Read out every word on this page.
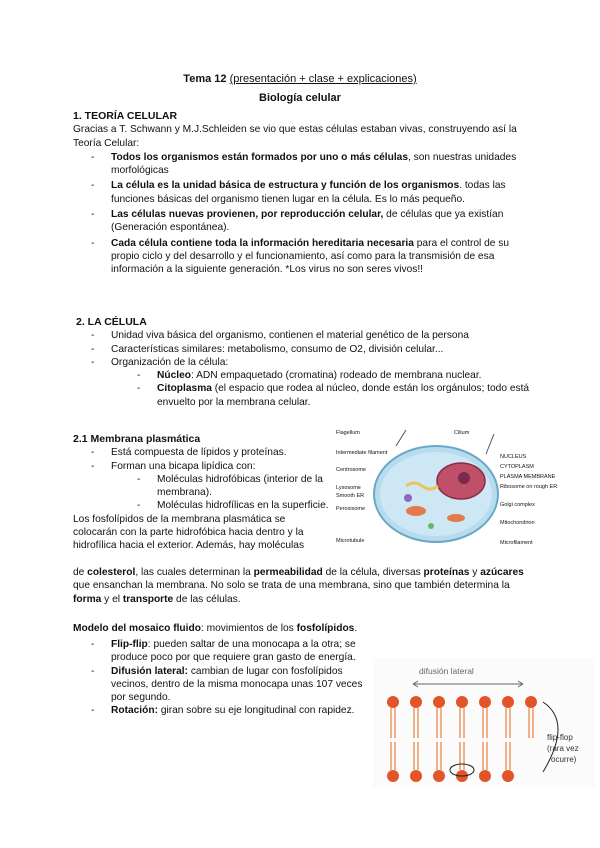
Tema 12 (presentación + clase + explicaciones)
Biología celular
1. TEORÍA CELULAR

Gracias a T. Schwann y M.J.Schleiden se vio que estas células estaban vivas, construyendo así la Teoría Celular:

- Todos los organismos están formados por uno o más células, son nuestras unidades morfológicas
- La célula es la unidad básica de estructura y función de los organismos. todas las funciones básicas del organismo tienen lugar en la célula. Es lo más pequeño.
- Las células nuevas provienen, por reproducción celular, de células que ya existían (Generación espontánea).
- Cada célula contiene toda la información hereditaria necesaria para el control de su propio ciclo y del desarrollo y el funcionamiento, así como para la transmisión de esa información a la siguiente generación. *Los virus no son seres vivos!!
2. LA CÉLULA
- Unidad viva básica del organismo, contienen el material genético de la persona
- Características similares: metabolismo, consumo de O2, división celular...
- Organización de la célula:
- Núcleo: ADN empaquetado (cromatina) rodeado de membrana nuclear.
- Citoplasma (el espacio que rodea al núcleo, donde están los orgánulos; todo está envuelto por la membrana celular.
2.1 Membrana plasmática
- Está compuesta de lípidos y proteínas.
- Forman una bicapa lipídica con:
- Moléculas hidrofóbicas (interior de la membrana).
- Moléculas hidrofílicas en la superficie.

Los fosfolípidos de la membrana plasmática se

colocarán con la parte hidrofóbica hacia dentro y la

hidrofílica hacia el exterior. Además, hay moléculas

de colesterol, las cuales determinan la permeabilidad de la célula, diversas proteínas y azúcares que ensanchan la membrana. No solo se trata de una membrana, sino que también determina la forma y el transporte de las células.
Flagellum
Intermediate filament
Centrosome
Lysosome
Smooth ER
Peroxisome
Microtubule
Cilium
NUCLEUS
CYTOPLASM
PLASMA MEMBRANE
Ribosome on rough ER
Golgi complex
Mitochondrion
Microfilament
Modelo del mosaico fluido: movimientos de los fosfolípidos.
- Flip-flip: pueden saltar de una monocapa a la otra; se produce poco por que requiere gran gasto de energía.
- Difusión lateral: cambian de lugar con fosfolípidos vecinos, dentro de la misma monocapa unas 107 veces por segundo.
- Rotación: giran sobre su eje longitudinal con rapidez.
difusión lateral
flip-flop
(rara vez
ocurre)
